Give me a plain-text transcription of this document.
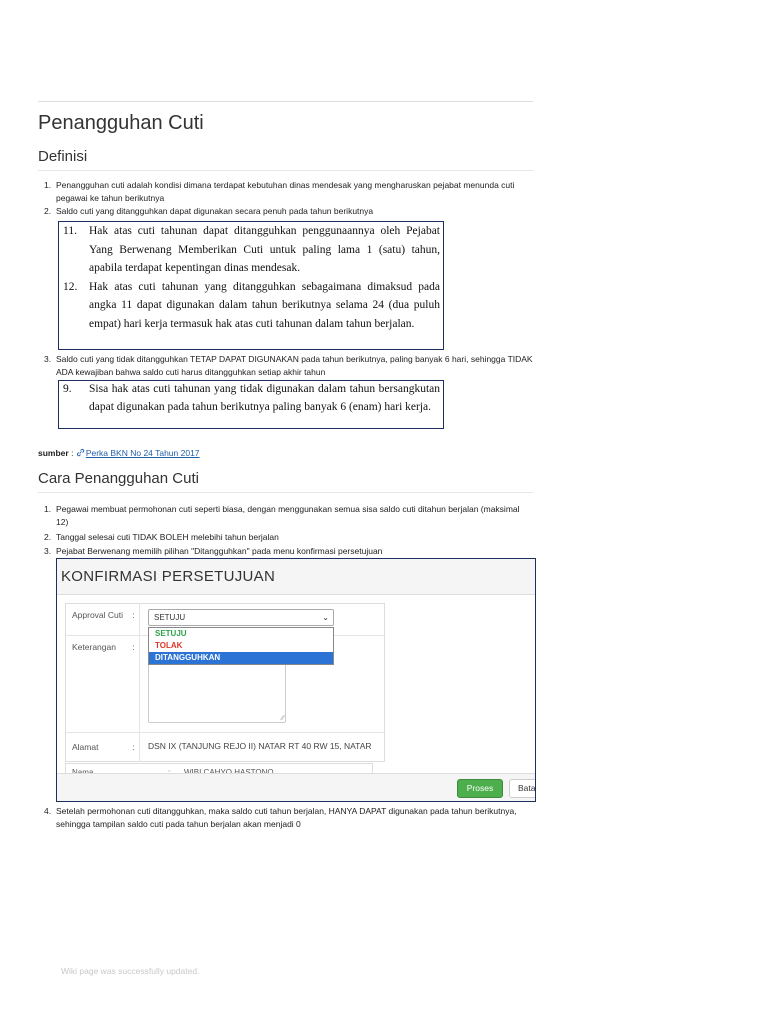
Penangguhan Cuti
Definisi
1. Penangguhan cuti adalah kondisi dimana terdapat kebutuhan dinas mendesak yang mengharuskan pejabat menunda cuti pegawai ke tahun berikutnya
2. Saldo cuti yang ditangguhkan dapat digunakan secara penuh pada tahun berikutnya
11. Hak atas cuti tahunan dapat ditangguhkan penggunaannya oleh Pejabat Yang Berwenang Memberikan Cuti untuk paling lama 1 (satu) tahun, apabila terdapat kepentingan dinas mendesak.
12. Hak atas cuti tahunan yang ditangguhkan sebagaimana dimaksud pada angka 11 dapat digunakan dalam tahun berikutnya selama 24 (dua puluh empat) hari kerja termasuk hak atas cuti tahunan dalam tahun berjalan.
3. Saldo cuti yang tidak ditangguhkan TETAP DAPAT DIGUNAKAN pada tahun berikutnya, paling banyak 6 hari, sehingga TIDAK ADA kewajiban bahwa saldo cuti harus ditangguhkan setiap akhir tahun
9. Sisa hak atas cuti tahunan yang tidak digunakan dalam tahun bersangkutan dapat digunakan pada tahun berikutnya paling banyak 6 (enam) hari kerja.
sumber : Perka BKN No 24 Tahun 2017
Cara Penangguhan Cuti
1. Pegawai membuat permohonan cuti seperti biasa, dengan menggunakan semua sisa saldo cuti ditahun berjalan (maksimal 12)
2. Tanggal selesai cuti TIDAK BOLEH melebihi tahun berjalan
3. Pejabat Berwenang memilih pilihan "Ditangguhkan" pada menu konfirmasi persetujuan
KONFIRMASI PERSETUJUAN
Approval Cuti	:	SETUJU	⌄
SETUJU
TOLAK
DITANGGUHKAN
Keterangan	:
∕∕
Alamat	:	DSN IX (TANJUNG REJO II) NATAR RT 40 RW 15, NATAR
Proses	Bata
4. Setelah permohonan cuti ditangguhkan, maka saldo cuti tahun berjalan, HANYA DAPAT digunakan pada tahun berikutnya, sehingga tampilan saldo cuti pada tahun berjalan akan menjadi 0
Wiki page was successfully updated.
